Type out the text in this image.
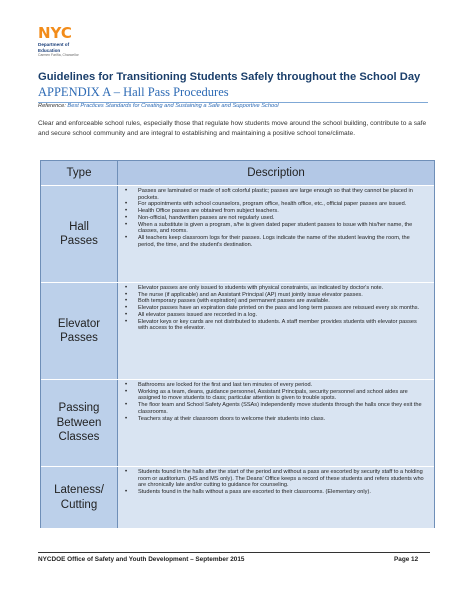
NYC
Department of
Education
Carmen Fariña, Chancellor
Guidelines for Transitioning Students Safely throughout the School Day
APPENDIX A – Hall Pass Procedures
Reference: Best Practices Standards for Creating and Sustaining a Safe and Supportive School
Clear and enforceable school rules, especially those that regulate how students move around the school building, contribute to a safe and secure school community and are integral to establishing and maintaining a positive school tone/climate.
Type	Description
Hall
Passes
• Passes are laminated or made of soft colorful plastic; passes are large enough so that they cannot be placed in pockets.
• For appointments with school counselors, program office, health office, etc., official paper passes are issued.
• Health Office passes are obtained from subject teachers.
• Non-official, handwritten passes are not regularly used.
• When a substitute is given a program, s/he is given dated paper student passes to issue with his/her name, the classes, and rooms.
• All teachers keep classroom logs for their passes. Logs indicate the name of the student leaving the room, the period, the time, and the student's destination.
Elevator
Passes
• Elevator passes are only issued to students with physical constraints, as indicated by doctor's note.
• The nurse (if applicable) and an Assistant Principal (AP) must jointly issue elevator passes.
• Both temporary passes (with expiration) and permanent passes are available.
• Elevator passes have an expiration date printed on the pass and long term passes are reissued every six months.
• All elevator passes issued are recorded in a log.
• Elevator keys or key cards are not distributed to students. A staff member provides students with elevator passes with access to the elevator.
Passing
Between
Classes
• Bathrooms are locked for the first and last ten minutes of every period.
• Working as a team, deans, guidance personnel, Assistant Principals, security personnel and school aides are assigned to move students to class; particular attention is given to trouble spots.
• The floor team and School Safety Agents (SSAs) independently move students through the halls once they exit the classrooms.
• Teachers stay at their classroom doors to welcome their students into class.
Lateness/
Cutting
• Students found in the halls after the start of the period and without a pass are escorted by security staff to a holding room or auditorium. (HS and MS only). The Deans' Office keeps a record of these students and refers students who are chronically late and/or cutting to guidance for counseling.
• Students found in the halls without a pass are escorted to their classrooms. (Elementary only).
NYCDOE Office of Safety and Youth Development – September 2015	Page 12
